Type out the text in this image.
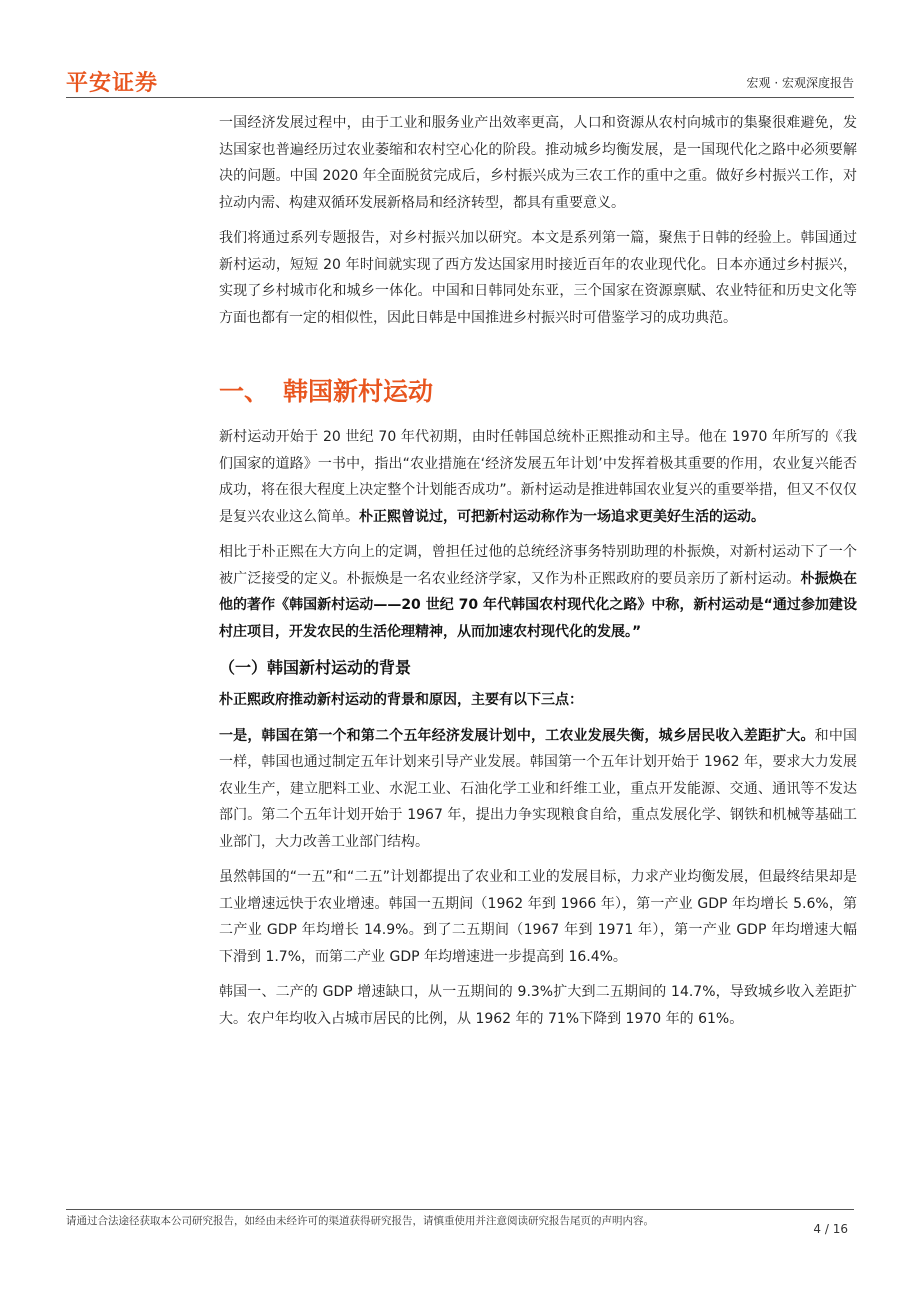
平安证券	宏观 · 宏观深度报告

一国经济发展过程中，由于工业和服务业产出效率更高，人口和资源从农村向城市的集聚很难避免，发达国家也普遍经历过农业萎缩和农村空心化的阶段。推动城乡均衡发展，是一国现代化之路中必须要解决的问题。中国 2020 年全面脱贫完成后，乡村振兴成为三农工作的重中之重。做好乡村振兴工作，对拉动内需、构建双循环发展新格局和经济转型，都具有重要意义。

我们将通过系列专题报告，对乡村振兴加以研究。本文是系列第一篇，聚焦于日韩的经验上。韩国通过新村运动，短短 20 年时间就实现了西方发达国家用时接近百年的农业现代化。日本亦通过乡村振兴，实现了乡村城市化和城乡一体化。中国和日韩同处东亚，三个国家在资源禀赋、农业特征和历史文化等方面也都有一定的相似性，因此日韩是中国推进乡村振兴时可借鉴学习的成功典范。

一、 韩国新村运动

新村运动开始于 20 世纪 70 年代初期，由时任韩国总统朴正熙推动和主导。他在 1970 年所写的《我们国家的道路》一书中，指出“农业措施在‘经济发展五年计划’中发挥着极其重要的作用，农业复兴能否成功，将在很大程度上决定整个计划能否成功”。新村运动是推进韩国农业复兴的重要举措，但又不仅仅是复兴农业这么简单。朴正熙曾说过，可把新村运动称作为一场追求更美好生活的运动。

相比于朴正熙在大方向上的定调，曾担任过他的总统经济事务特别助理的朴振焕，对新村运动下了一个被广泛接受的定义。朴振焕是一名农业经济学家，又作为朴正熙政府的要员亲历了新村运动。朴振焕在他的著作《韩国新村运动——20 世纪 70 年代韩国农村现代化之路》中称，新村运动是“通过参加建设村庄项目，开发农民的生活伦理精神，从而加速农村现代化的发展。”

（一）韩国新村运动的背景

朴正熙政府推动新村运动的背景和原因，主要有以下三点：

一是，韩国在第一个和第二个五年经济发展计划中，工农业发展失衡，城乡居民收入差距扩大。和中国一样，韩国也通过制定五年计划来引导产业发展。韩国第一个五年计划开始于 1962 年，要求大力发展农业生产，建立肥料工业、水泥工业、石油化学工业和纤维工业，重点开发能源、交通、通讯等不发达部门。第二个五年计划开始于 1967 年，提出力争实现粮食自给，重点发展化学、钢铁和机械等基础工业部门，大力改善工业部门结构。

虽然韩国的“一五”和“二五”计划都提出了农业和工业的发展目标，力求产业均衡发展，但最终结果却是工业增速远快于农业增速。韩国一五期间（1962 年到 1966 年），第一产业 GDP 年均增长 5.6%，第二产业 GDP 年均增长 14.9%。到了二五期间（1967 年到 1971 年），第一产业 GDP 年均增速大幅下滑到 1.7%，而第二产业 GDP 年均增速进一步提高到 16.4%。

韩国一、二产的 GDP 增速缺口，从一五期间的 9.3%扩大到二五期间的 14.7%，导致城乡收入差距扩大。农户年均收入占城市居民的比例，从 1962 年的 71%下降到 1970 年的 61%。

请通过合法途径获取本公司研究报告，如经由未经许可的渠道获得研究报告，请慎重使用并注意阅读研究报告尾页的声明内容。
4 / 16
